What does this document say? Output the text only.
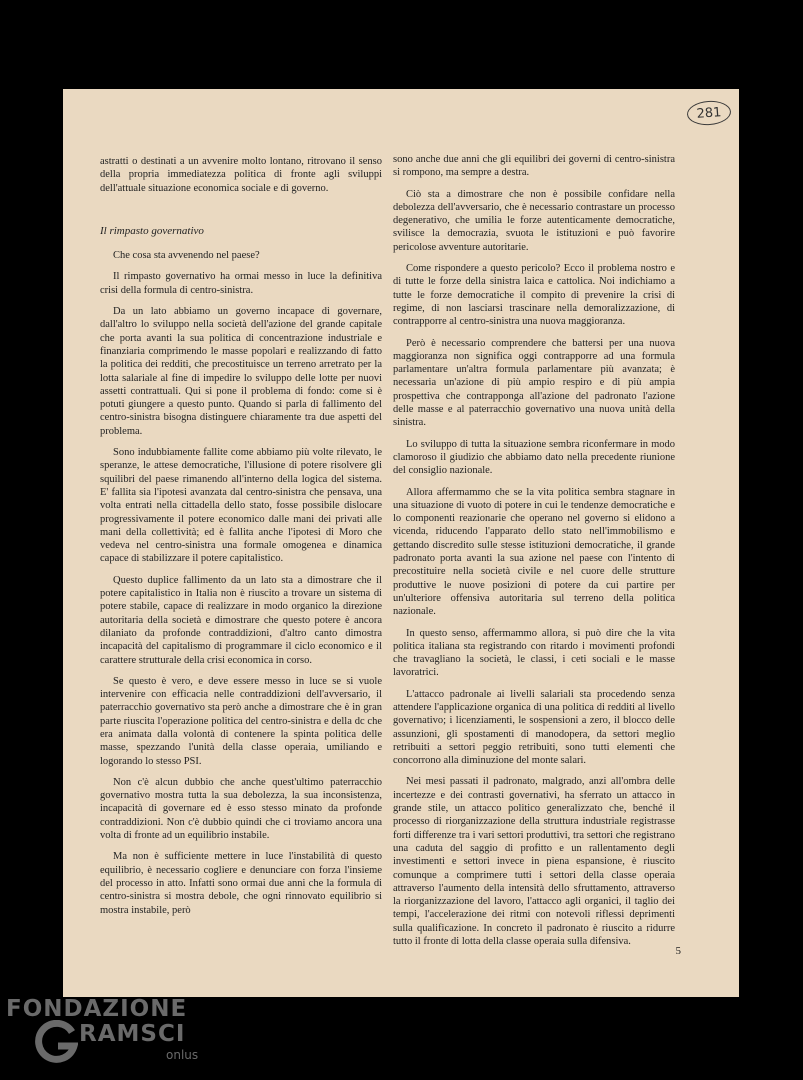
281

astratti o destinati a un avvenire molto lontano, ritrovano il senso della propria immediatezza politica di fronte agli sviluppi dell'attuale situazione economica sociale e di governo.

Il rimpasto governativo

Che cosa sta avvenendo nel paese?

Il rimpasto governativo ha ormai messo in luce la definitiva crisi della formula di centro-sinistra.

Da un lato abbiamo un governo incapace di governare, dall'altro lo sviluppo nella società dell'azione del grande capitale che porta avanti la sua politica di concentrazione industriale e finanziaria comprimendo le masse popolari e realizzando di fatto la politica dei redditi, che precostituisce un terreno arretrato per la lotta salariale al fine di impedire lo sviluppo delle lotte per nuovi assetti contrattuali. Qui si pone il problema di fondo: come si è potuti giungere a questo punto. Quando si parla di fallimento del centro-sinistra bisogna distinguere chiaramente tra due aspetti del problema.

Sono indubbiamente fallite come abbiamo più volte rilevato, le speranze, le attese democratiche, l'illusione di potere risolvere gli squilibri del paese rimanendo all'interno della logica del sistema. E' fallita sia l'ipotesi avanzata dal centro-sinistra che pensava, una volta entrati nella cittadella dello stato, fosse possibile dislocare progressivamente il potere economico dalle mani dei privati alle mani della collettività; ed è fallita anche l'ipotesi di Moro che vedeva nel centro-sinistra una formale omogenea e dinamica capace di stabilizzare il potere capitalistico.

Questo duplice fallimento da un lato sta a dimostrare che il potere capitalistico in Italia non è riuscito a trovare un sistema di potere stabile, capace di realizzare in modo organico la direzione autoritaria della società e dimostrare che questo potere è ancora dilaniato da profonde contraddizioni, d'altro canto dimostra incapacità del capitalismo di programmare il ciclo economico e il carattere strutturale della crisi economica in corso.

Se questo è vero, e deve essere messo in luce se si vuole intervenire con efficacia nelle contraddizioni dell'avversario, il paterracchio governativo sta però anche a dimostrare che è in gran parte riuscita l'operazione politica del centro-sinistra e della dc che era animata dalla volontà di contenere la spinta politica delle masse, spezzando l'unità della classe operaia, umiliando e logorando lo stesso PSI.

Non c'è alcun dubbio che anche quest'ultimo paterracchio governativo mostra tutta la sua debolezza, la sua inconsistenza, incapacità di governare ed è esso stesso minato da profonde contraddizioni. Non c'è dubbio quindi che ci troviamo ancora una volta di fronte ad un equilibrio instabile.

Ma non è sufficiente mettere in luce l'instabilità di questo equilibrio, è necessario cogliere e denunciare con forza l'insieme del processo in atto. Infatti sono ormai due anni che la formula di centro-sinistra si mostra debole, che ogni rinnovato equilibrio si mostra instabile, però

sono anche due anni che gli equilibri dei governi di centro-sinistra si rompono, ma sempre a destra.

Ciò sta a dimostrare che non è possibile confidare nella debolezza dell'avversario, che è necessario contrastare un processo degenerativo, che umilia le forze autenticamente democratiche, svilisce la democrazia, svuota le istituzioni e può favorire pericolose avventure autoritarie.

Come rispondere a questo pericolo? Ecco il problema nostro e di tutte le forze della sinistra laica e cattolica. Noi indichiamo a tutte le forze democratiche il compito di prevenire la crisi di regime, di non lasciarsi trascinare nella demoralizzazione, di contrapporre al centro-sinistra una nuova maggioranza.

Però è necessario comprendere che battersi per una nuova maggioranza non significa oggi contrapporre ad una formula parlamentare un'altra formula parlamentare più avanzata; è necessaria un'azione di più ampio respiro e di più ampia prospettiva che contrapponga all'azione del padronato l'azione delle masse e al paterracchio governativo una nuova unità della sinistra.

Lo sviluppo di tutta la situazione sembra riconfermare in modo clamoroso il giudizio che abbiamo dato nella precedente riunione del consiglio nazionale.

Allora affermammo che se la vita politica sembra stagnare in una situazione di vuoto di potere in cui le tendenze democratiche e lo componenti reazionarie che operano nel governo si elidono a vicenda, riducendo l'apparato dello stato nell'immobilismo e gettando discredito sulle stesse istituzioni democratiche, il grande padronato porta avanti la sua azione nel paese con l'intento di precostituire nella società civile e nel cuore delle strutture produttive le nuove posizioni di potere da cui partire per un'ulteriore offensiva autoritaria sul terreno della politica nazionale.

In questo senso, affermammo allora, si può dire che la vita politica italiana sta registrando con ritardo i movimenti profondi che travagliano la società, le classi, i ceti sociali e le masse lavoratrici.

L'attacco padronale ai livelli salariali sta procedendo senza attendere l'applicazione organica di una politica di redditi al livello governativo; i licenziamenti, le sospensioni a zero, il blocco delle assunzioni, gli spostamenti di manodopera, da settori meglio retribuiti a settori peggio retribuiti, sono tutti elementi che concorrono alla diminuzione del monte salari.

Nei mesi passati il padronato, malgrado, anzi all'ombra delle incertezze e dei contrasti governativi, ha sferrato un attacco in grande stile, un attacco politico generalizzato che, benché il processo di riorganizzazione della struttura industriale registrasse forti differenze tra i vari settori produttivi, tra settori che registrano una caduta del saggio di profitto e un rallentamento degli investimenti e settori invece in piena espansione, è riuscito comunque a comprimere tutti i settori della classe operaia attraverso l'aumento della intensità dello sfruttamento, attraverso la riorganizzazione del lavoro, l'attacco agli organici, il taglio dei tempi, l'accelerazione dei ritmi con notevoli riflessi deprimenti sulla qualificazione. In concreto il padronato è riuscito a ridurre tutto il fronte di lotta della classe operaia sulla difensiva.

5
FONDAZIONE
RAMSCI
onlus
